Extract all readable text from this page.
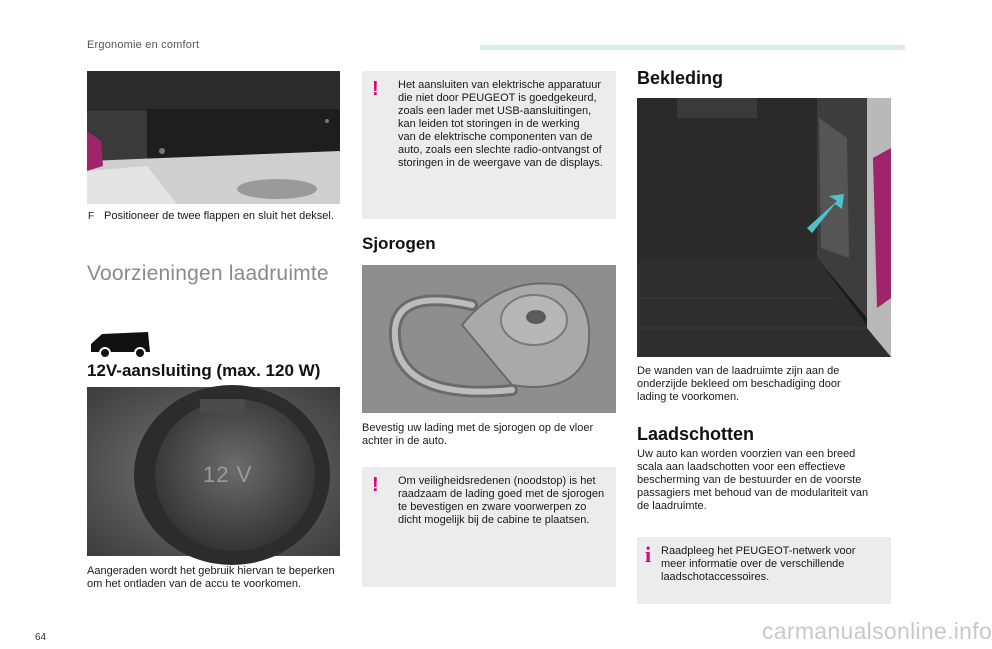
Ergonomie en comfort
F Positioneer de twee flappen en sluit het deksel.
Voorzieningen laadruimte
12V-aansluiting (max. 120 W)
12 V
Aangeraden wordt het gebruik hiervan te beperken om het ontladen van de accu te voorkomen.
! Het aansluiten van elektrische apparatuur
die niet door PEUGEOT is goedgekeurd,
zoals een lader met USB-aansluitingen,
kan leiden tot storingen in de werking
van de elektrische componenten van de
auto, zoals een slechte radio-ontvangst of
storingen in de weergave van de displays.
Sjorogen
Bevestig uw lading met de sjorogen op de vloer
achter in de auto.
! Om veiligheidsredenen (noodstop) is het
raadzaam de lading goed met de sjorogen
te bevestigen en zware voorwerpen zo
dicht mogelijk bij de cabine te plaatsen.
Bekleding
De wanden van de laadruimte zijn aan de
onderzijde bekleed om beschadiging door
lading te voorkomen.
Laadschotten
Uw auto kan worden voorzien van een breed
scala aan laadschotten voor een effectieve
bescherming van de bestuurder en de voorste
passagiers met behoud van de modulariteit van
de laadruimte.
i Raadpleeg het PEUGEOT-netwerk voor
meer informatie over de verschillende
laadschotaccessoires.
64	carmanualsonline.info
